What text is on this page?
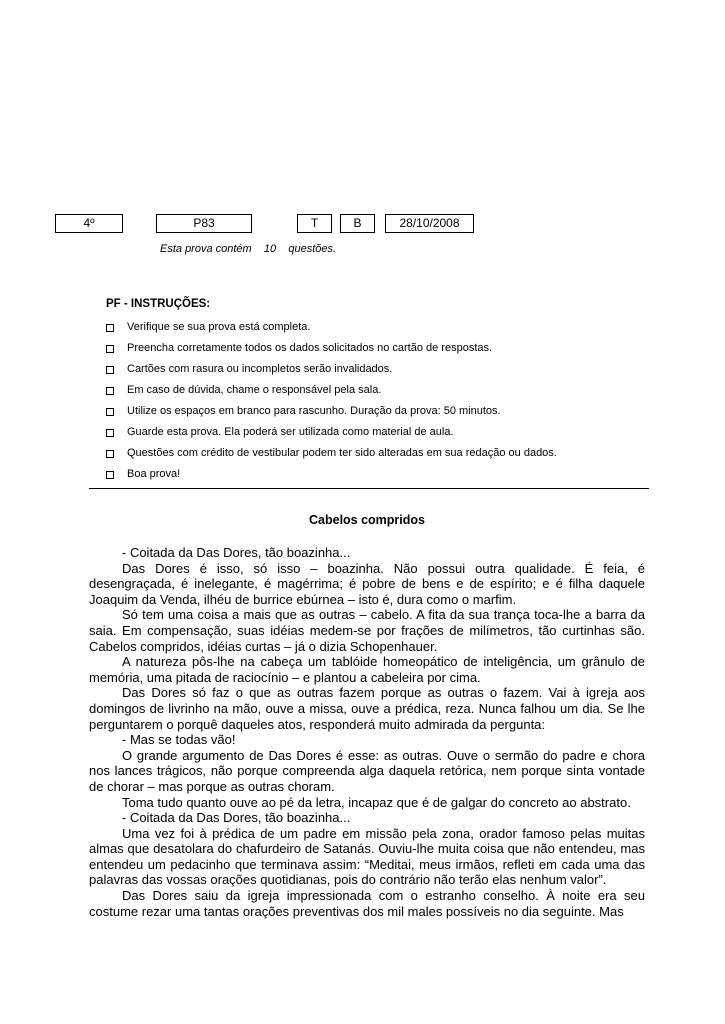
4º	P83	T	B	28/10/2008
Esta prova contém    10    questões.
PF - INSTRUÇÕES:
Verifique se sua prova está completa.
Preencha corretamente todos os dados solicitados no cartão de respostas.
Cartões com rasura ou incompletos serão invalidados.
Em caso de dúvida, chame o responsável pela sala.
Utilize os espaços em branco para rascunho. Duração da prova: 50 minutos.
Guarde esta prova. Ela poderá ser utilizada como material de aula.
Questões com crédito de vestibular podem ter sido alteradas em sua redação ou dados.
Boa prova!
Cabelos compridos

- Coitada da Das Dores, tão boazinha...

Das Dores é isso, só isso – boazinha. Não possui outra qualidade. É feia, é desengraçada, é inelegante, é magérrima; é pobre de bens e de espírito; e é filha daquele Joaquim da Venda, ilhéu de burrice ebúrnea – isto é, dura como o marfim.

Só tem uma coisa a mais que as outras – cabelo. A fita da sua trança toca-lhe a barra da saia. Em compensação, suas idéias medem-se por frações de milímetros, tão curtinhas são. Cabelos compridos, idéias curtas – já o dizia Schopenhauer.

A natureza pôs-lhe na cabeça um tablóide homeopático de inteligência, um grânulo de memória, uma pitada de raciocínio – e plantou a cabeleira por cima.

Das Dores só faz o que as outras fazem porque as outras o fazem. Vai à igreja aos domingos de livrinho na mão, ouve a missa, ouve a prédica, reza. Nunca falhou um dia. Se lhe perguntarem o porquê daqueles atos, responderá muito admirada da pergunta:

- Mas se todas vão!

O grande argumento de Das Dores é esse: as outras. Ouve o sermão do padre e chora nos lances trágicos, não porque compreenda alga daquela retórica, nem porque sinta vontade de chorar – mas porque as outras choram.

Toma tudo quanto ouve ao pé da letra, incapaz que é de galgar do concreto ao abstrato.

- Coitada da Das Dores, tão boazinha...

Uma vez foi à prédica de um padre em missão pela zona, orador famoso pelas muitas almas que desatolara do chafurdeiro de Satanás. Ouviu-lhe muita coisa que não entendeu, mas entendeu um pedacinho que terminava assim: “Meditai, meus irmãos, refleti em cada uma das palavras das vossas orações quotidianas, pois do contrário não terão elas nenhum valor”.

Das Dores saiu da igreja impressionada com o estranho conselho. À noite era seu costume rezar uma tantas orações preventivas dos mil males possíveis no dia seguinte. Mas
